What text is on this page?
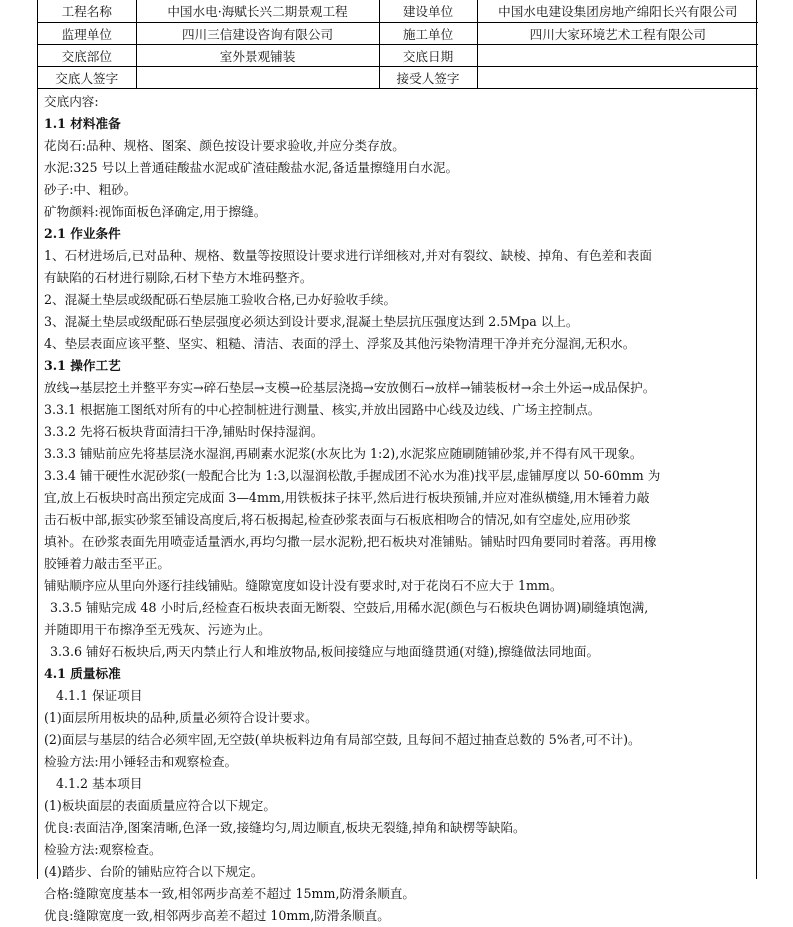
工程名称	中国水电·海赋长兴二期景观工程	建设单位	中国水电建设集团房地产绵阳长兴有限公司
监理单位	四川三信建设咨询有限公司	施工单位	四川大家环境艺术工程有限公司
交底部位	室外景观铺装	交底日期	
交底人签字		接受人签字	
交底内容:
1.1 材料准备
花岗石:品种、规格、图案、颜色按设计要求验收,并应分类存放。
水泥:325 号以上普通硅酸盐水泥或矿渣硅酸盐水泥,备适量擦缝用白水泥。
砂子:中、粗砂。
矿物颜料:视饰面板色泽确定,用于擦缝。
2.1 作业条件
1、石材进场后,已对品种、规格、数量等按照设计要求进行详细核对,并对有裂纹、缺棱、掉角、有色差和表面
有缺陷的石材进行剔除,石材下垫方木堆码整齐。
2、混凝土垫层或级配砾石垫层施工验收合格,已办好验收手续。
3、混凝土垫层或级配砾石垫层强度必须达到设计要求,混凝土垫层抗压强度达到 2.5Mpa 以上。
4、垫层表面应该平整、坚实、粗糙、清洁、表面的浮土、浮浆及其他污染物清理干净并充分湿润,无积水。
3.1 操作工艺
放线→基层挖土并整平夯实→碎石垫层→支模→砼基层浇捣→安放侧石→放样→铺装板材→余土外运→成品保护。
3.3.1 根据施工图纸对所有的中心控制桩进行测量、核实,并放出园路中心线及边线、广场主控制点。
3.3.2 先将石板块背面清扫干净,铺贴时保持湿润。
3.3.3 铺贴前应先将基层浇水湿润,再刷素水泥浆(水灰比为 1:2),水泥浆应随刷随铺砂浆,并不得有风干现象。
3.3.4 铺干硬性水泥砂浆(一般配合比为 1:3,以湿润松散,手握成团不沁水为准)找平层,虚铺厚度以 50-60mm 为
宜,放上石板块时高出预定完成面 3—4mm,用铁板抹子抹平,然后进行板块预铺,并应对准纵横缝,用木锤着力敲
击石板中部,振实砂浆至铺设高度后,将石板揭起,检查砂浆表面与石板底相吻合的情况,如有空虚处,应用砂浆
填补。在砂浆表面先用喷壶适量洒水,再均匀撒一层水泥粉,把石板块对准铺贴。铺贴时四角要同时着落。再用橡
胶锤着力敲击至平正。
铺贴顺序应从里向外逐行挂线铺贴。缝隙宽度如设计没有要求时,对于花岗石不应大于 1mm。
3.3.5 铺贴完成 48 小时后,经检查石板块表面无断裂、空鼓后,用稀水泥(颜色与石板块色调协调)刷缝填饱满,
并随即用干布擦净至无残灰、污迹为止。
3.3.6 铺好石板块后,两天内禁止行人和堆放物品,板间接缝应与地面缝贯通(对缝),擦缝做法同地面。
4.1 质量标准
4.1.1 保证项目
(1)面层所用板块的品种,质量必须符合设计要求。
(2)面层与基层的结合必须牢固,无空鼓(单块板料边角有局部空鼓, 且每间不超过抽查总数的 5%者,可不计)。
检验方法:用小锤轻击和观察检查。
4.1.2 基本项目
(1)板块面层的表面质量应符合以下规定。
优良:表面洁净,图案清晰,色泽一致,接缝均匀,周边顺直,板块无裂缝,掉角和缺楞等缺陷。
检验方法:观察检查。
(4)踏步、台阶的铺贴应符合以下规定。
合格:缝隙宽度基本一致,相邻两步高差不超过 15mm,防滑条顺直。
优良:缝隙宽度一致,相邻两步高差不超过 10mm,防滑条顺直。
